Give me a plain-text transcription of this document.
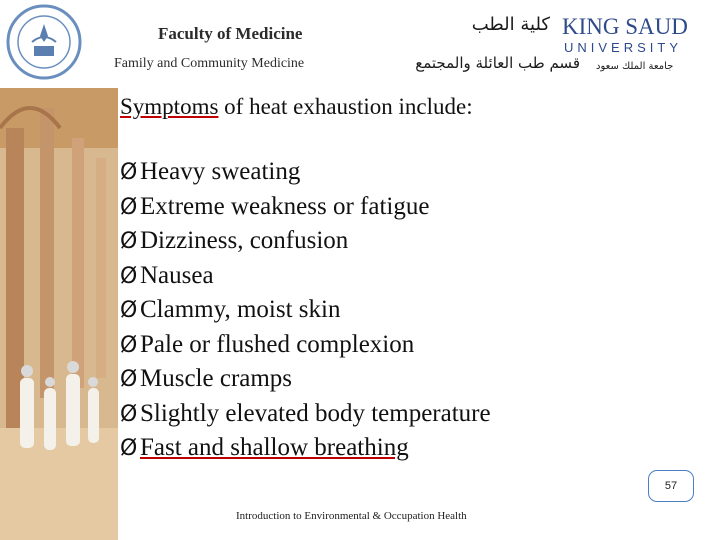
Faculty of Medicine
Family and Community Medicine
كلية الطب
قسم طب العائلة والمجتمع
KING SAUD
UNIVERSITY
جامعة الملك سعود
Symptoms of heat exhaustion include:
Ø Heavy sweating
Ø Extreme weakness or fatigue
Ø Dizziness, confusion
Ø Nausea
Ø Clammy, moist skin
Ø Pale or flushed complexion
Ø Muscle cramps
Ø Slightly elevated body temperature
Ø Fast and shallow breathing
Introduction to Environmental & Occupation Health
57
